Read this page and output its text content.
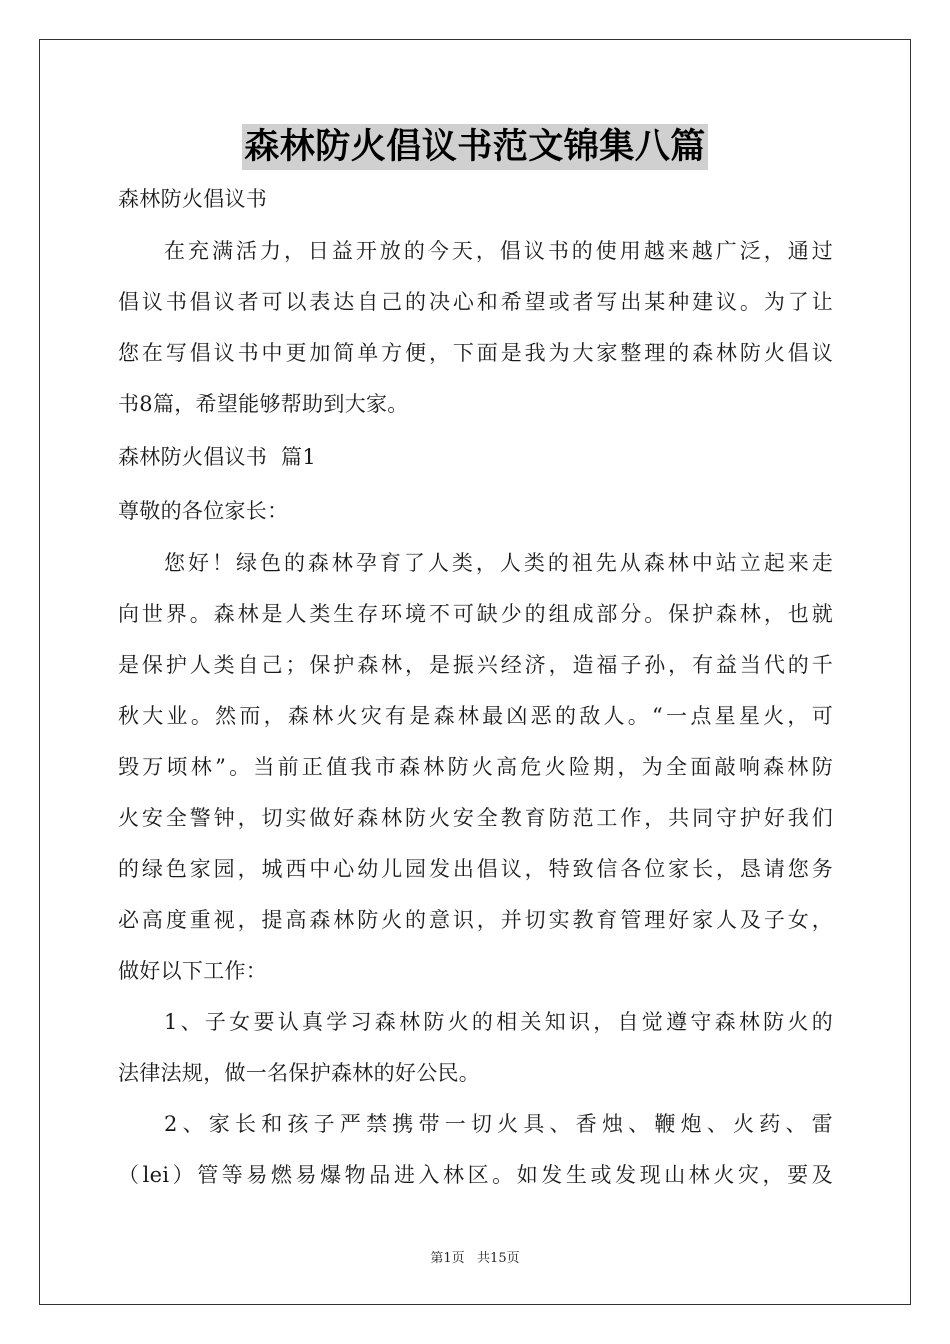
森林防火倡议书范文锦集八篇
森林防火倡议书
在充满活力，日益开放的今天，倡议书的使用越来越广泛，通过
倡议书倡议者可以表达自己的决心和希望或者写出某种建议。为了让
您在写倡议书中更加简单方便，下面是我为大家整理的森林防火倡议
书8篇，希望能够帮助到大家。
森林防火倡议书  篇1
尊敬的各位家长：
您好！绿色的森林孕育了人类，人类的祖先从森林中站立起来走
向世界。森林是人类生存环境不可缺少的组成部分。保护森林，也就
是保护人类自己；保护森林，是振兴经济，造福子孙，有益当代的千
秋大业。然而，森林火灾有是森林最凶恶的敌人。“一点星星火，可
毁万顷林”。当前正值我市森林防火高危火险期，为全面敲响森林防
火安全警钟，切实做好森林防火安全教育防范工作，共同守护好我们
的绿色家园，城西中心幼儿园发出倡议，特致信各位家长，恳请您务
必高度重视，提高森林防火的意识，并切实教育管理好家人及子女，
做好以下工作：
1、子女要认真学习森林防火的相关知识，自觉遵守森林防火的
法律法规，做一名保护森林的好公民。
2、家长和孩子严禁携带一切火具、香烛、鞭炮、火药、雷
（lei）管等易燃易爆物品进入林区。如发生或发现山林火灾，要及
第1页   共15页
